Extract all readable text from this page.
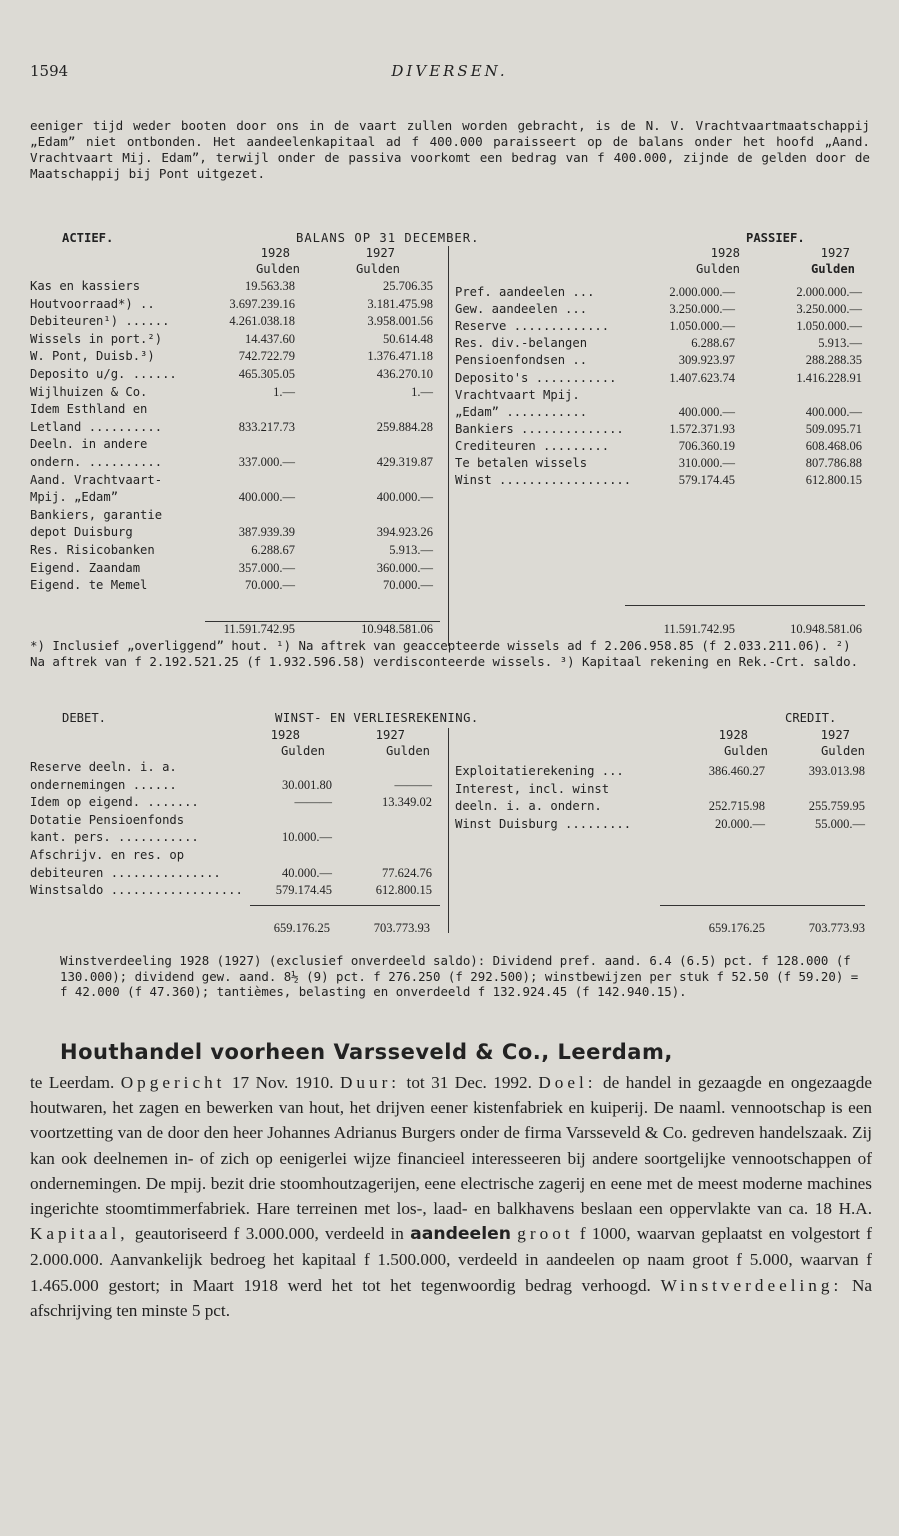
1594	DIVERSEN.
eeniger tijd weder booten door ons in de vaart zullen worden gebracht, is de N. V. Vrachtvaartmaatschappij „Edam” niet ontbonden. Het aandeelenkapitaal ad f 400.000 paraisseert op de balans onder het hoofd „Aand. Vrachtvaart Mij. Edam”, terwijl onder de passiva voorkomt een bedrag van f 400.000, zijnde de gelden door de Maatschappij bij Pont uitgezet.
ACTIEF.	BALANS OP 31 DECEMBER.	PASSIEF.
1928	1927	1928	1927
Gulden	Gulden	Gulden	Gulden
Kas en kassiers	19.563.38	25.706.35
Houtvoorraad*) ..	3.697.239.16	3.181.475.98
Debiteuren¹) ......	4.261.038.18	3.958.001.56
Wissels in port.²)	14.437.60	50.614.48
W. Pont, Duisb.³)	742.722.79	1.376.471.18
Deposito u/g. ......	465.305.05	436.270.10
Wijlhuizen & Co.	1.—	1.—
Idem Esthland en
Letland ..........	833.217.73	259.884.28
Deeln. in andere
ondern. ..........	337.000.—	429.319.87
Aand. Vrachtvaart-
Mpij. „Edam”	400.000.—	400.000.—
Bankiers, garantie
depot Duisburg	387.939.39	394.923.26
Res. Risicobanken	6.288.67	5.913.—
Eigend. Zaandam	357.000.—	360.000.—
Eigend. te Memel	70.000.—	70.000.—
Pref. aandeelen ...	2.000.000.—	2.000.000.—
Gew. aandeelen ...	3.250.000.—	3.250.000.—
Reserve .............	1.050.000.—	1.050.000.—
Res. div.-belangen	6.288.67	5.913.—
Pensioenfondsen ..	309.923.97	288.288.35
Deposito's ...........	1.407.623.74	1.416.228.91
Vrachtvaart Mpij.
„Edam” ...........	400.000.—	400.000.—
Bankiers ..............	1.572.371.93	509.095.71
Crediteuren .........	706.360.19	608.468.06
Te betalen wissels	310.000.—	807.786.88
Winst ..................	579.174.45	612.800.15
11.591.742.95	10.948.581.06	11.591.742.95	10.948.581.06
*) Inclusief „overliggend” hout. ¹) Na aftrek van geaccepteerde wissels ad f 2.206.958.85 (f 2.033.211.06). ²) Na aftrek van f 2.192.521.25 (f 1.932.596.58) verdisconteerde wissels. ³) Kapitaal rekening en Rek.-Crt. saldo.
DEBET.	WINST- EN VERLIESREKENING.	CREDIT.
1928	1927	1928	1927
Gulden	Gulden	Gulden	Gulden
Reserve deeln. i. a.
ondernemingen ......	30.001.80	———
Idem op eigend. .......	———	13.349.02
Dotatie Pensioenfonds
kant. pers. ...........	10.000.—
Afschrijv. en res. op
debiteuren ...............	40.000.—	77.624.76
Winstsaldo ..................	579.174.45	612.800.15
Exploitatierekening ...	386.460.27	393.013.98
Interest, incl. winst
deeln. i. a. ondern.	252.715.98	255.759.95
Winst Duisburg .........	20.000.—	55.000.—
659.176.25	703.773.93	659.176.25	703.773.93
Winstverdeeling 1928 (1927) (exclusief onverdeeld saldo): Dividend pref. aand. 6.4 (6.5) pct. f 128.000 (f 130.000); dividend gew. aand. 8½ (9) pct. f 276.250 (f 292.500); winstbewijzen per stuk f 52.50 (f 59.20) = f 42.000 (f 47.360); tantièmes, belasting en onverdeeld f 132.924.45 (f 142.940.15).
Houthandel voorheen Varsseveld & Co., Leerdam,
te Leerdam. Opgericht 17 Nov. 1910. Duur: tot 31 Dec. 1992. Doel: de handel in gezaagde en ongezaagde houtwaren, het zagen en bewerken van hout, het drijven eener kistenfabriek en kuiperij. De naaml. vennootschap is een voortzetting van de door den heer Johannes Adrianus Burgers onder de firma Varsseveld & Co. gedreven handelszaak. Zij kan ook deelnemen in- of zich op eenigerlei wijze financieel interesseeren bij andere soortgelijke vennootschappen of ondernemingen. De mpij. bezit drie stoomhoutzagerijen, eene electrische zagerij en eene met de meest moderne machines ingerichte stoomtimmerfabriek. Hare terreinen met los-, laad- en balkhavens beslaan een oppervlakte van ca. 18 H.A. Kapitaal, geautoriseerd f 3.000.000, verdeeld in aandeelen groot f 1000, waarvan geplaatst en volgestort f 2.000.000. Aanvankelijk bedroeg het kapitaal f 1.500.000, verdeeld in aandeelen op naam groot f 5.000, waarvan f 1.465.000 gestort; in Maart 1918 werd het tot het tegenwoordig bedrag verhoogd. Winstverdeeling: Na afschrijving ten minste 5 pct.
